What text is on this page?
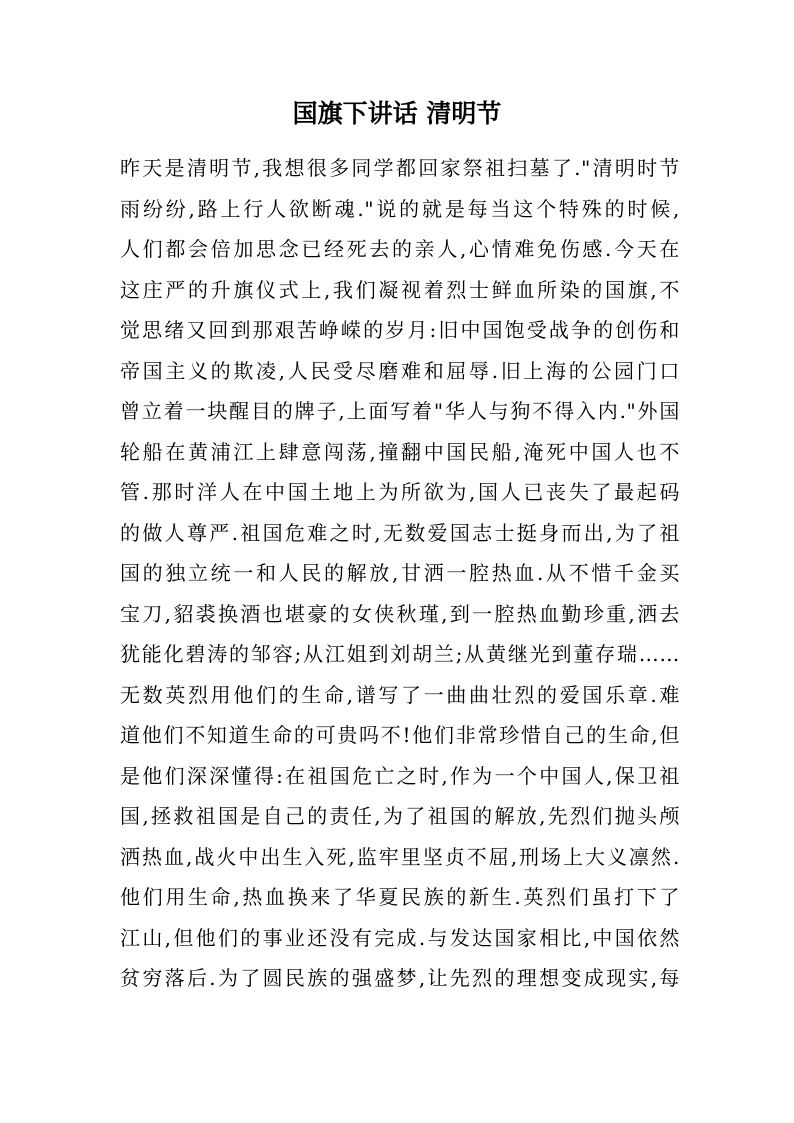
国旗下讲话 清明节
昨天是清明节,我想很多同学都回家祭祖扫墓了."清明时节
雨纷纷,路上行人欲断魂."说的就是每当这个特殊的时候,
人们都会倍加思念已经死去的亲人,心情难免伤感.今天在
这庄严的升旗仪式上,我们凝视着烈士鲜血所染的国旗,不
觉思绪又回到那艰苦峥嵘的岁月:旧中国饱受战争的创伤和
帝国主义的欺凌,人民受尽磨难和屈辱.旧上海的公园门口
曾立着一块醒目的牌子,上面写着"华人与狗不得入内."外国
轮船在黄浦江上肆意闯荡,撞翻中国民船,淹死中国人也不
管.那时洋人在中国土地上为所欲为,国人已丧失了最起码
的做人尊严.祖国危难之时,无数爱国志士挺身而出,为了祖
国的独立统一和人民的解放,甘洒一腔热血.从不惜千金买
宝刀,貂裘换酒也堪豪的女侠秋瑾,到一腔热血勤珍重,洒去
犹能化碧涛的邹容;从江姐到刘胡兰;从黄继光到董存瑞……
无数英烈用他们的生命,谱写了一曲曲壮烈的爱国乐章.难
道他们不知道生命的可贵吗不!他们非常珍惜自己的生命,但
是他们深深懂得:在祖国危亡之时,作为一个中国人,保卫祖
国,拯救祖国是自己的责任,为了祖国的解放,先烈们抛头颅
洒热血,战火中出生入死,监牢里坚贞不屈,刑场上大义凛然.
他们用生命,热血换来了华夏民族的新生.英烈们虽打下了
江山,但他们的事业还没有完成.与发达国家相比,中国依然
贫穷落后.为了圆民族的强盛梦,让先烈的理想变成现实,每
